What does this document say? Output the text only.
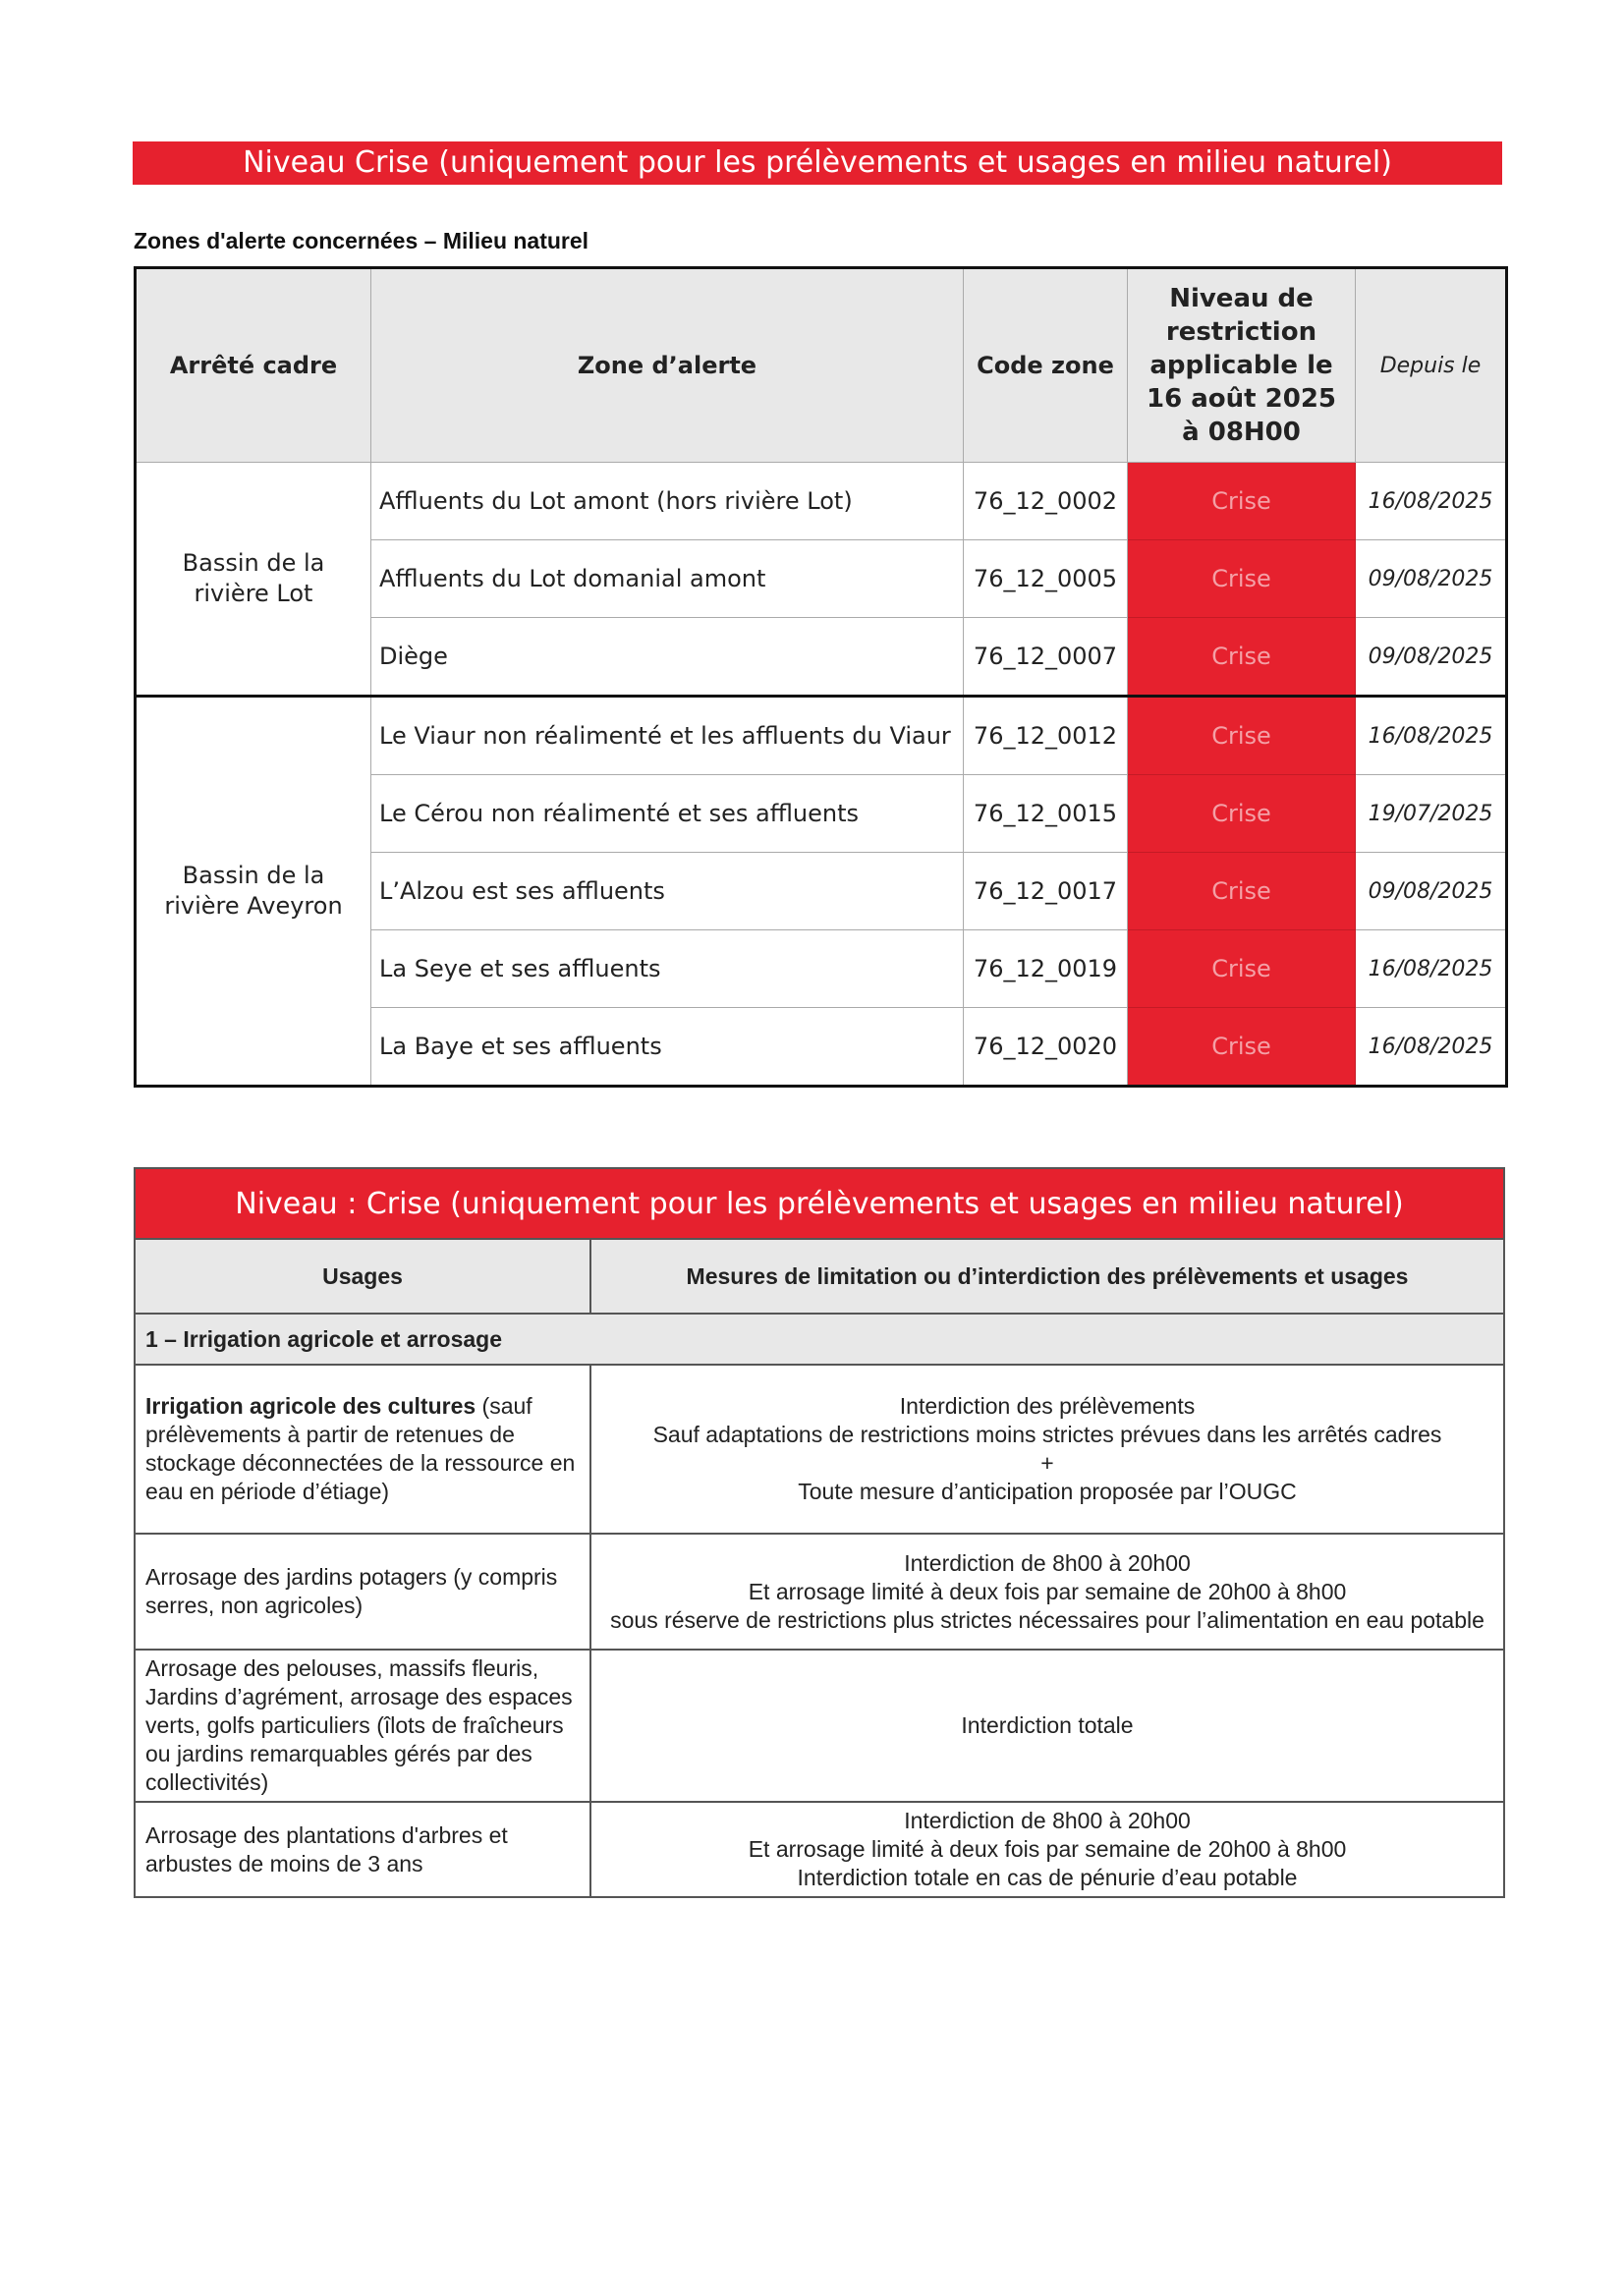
Niveau Crise (uniquement pour les prélèvements et usages en milieu naturel)
Zones d'alerte concernées – Milieu naturel
Arrêté cadre	Zone d’alerte	Code zone	Niveau de restriction applicable le 16 août 2025 à 08H00	Depuis le
Bassin de la rivière Lot	Affluents du Lot amont (hors rivière Lot)	76_12_0002	Crise	16/08/2025
	Affluents du Lot domanial amont	76_12_0005	Crise	09/08/2025
	Diège	76_12_0007	Crise	09/08/2025
Bassin de la rivière Aveyron	Le Viaur non réalimenté et les affluents du Viaur	76_12_0012	Crise	16/08/2025
	Le Cérou non réalimenté et ses affluents	76_12_0015	Crise	19/07/2025
	L’Alzou est ses affluents	76_12_0017	Crise	09/08/2025
	La Seye et ses affluents	76_12_0019	Crise	16/08/2025
	La Baye et ses affluents	76_12_0020	Crise	16/08/2025
Niveau : Crise (uniquement pour les prélèvements et usages en milieu naturel)	
Usages	Mesures de limitation ou d’interdiction des prélèvements et usages
1 – Irrigation agricole et arrosage	
Irrigation agricole des cultures (sauf prélèvements à partir de retenues de stockage déconnectées de la ressource en eau en période d’étiage)	Interdiction des prélèvements
Sauf adaptations de restrictions moins strictes prévues dans les arrêtés cadres
+
Toute mesure d’anticipation proposée par l’OUGC

Arrosage des jardins potagers (y compris serres, non agricoles)	Interdiction de 8h00 à 20h00
Et arrosage limité à deux fois par semaine de 20h00 à 8h00
sous réserve de restrictions plus strictes nécessaires pour l’alimentation en eau potable

Arrosage des pelouses, massifs fleuris, Jardins d’agrément, arrosage des espaces verts, golfs particuliers (îlots de fraîcheurs ou jardins remarquables gérés par des collectivités)	Interdiction totale

Arrosage des plantations d'arbres et arbustes de moins de 3 ans	Interdiction de 8h00 à 20h00
Et arrosage limité à deux fois par semaine de 20h00 à 8h00
Interdiction totale en cas de pénurie d’eau potable
